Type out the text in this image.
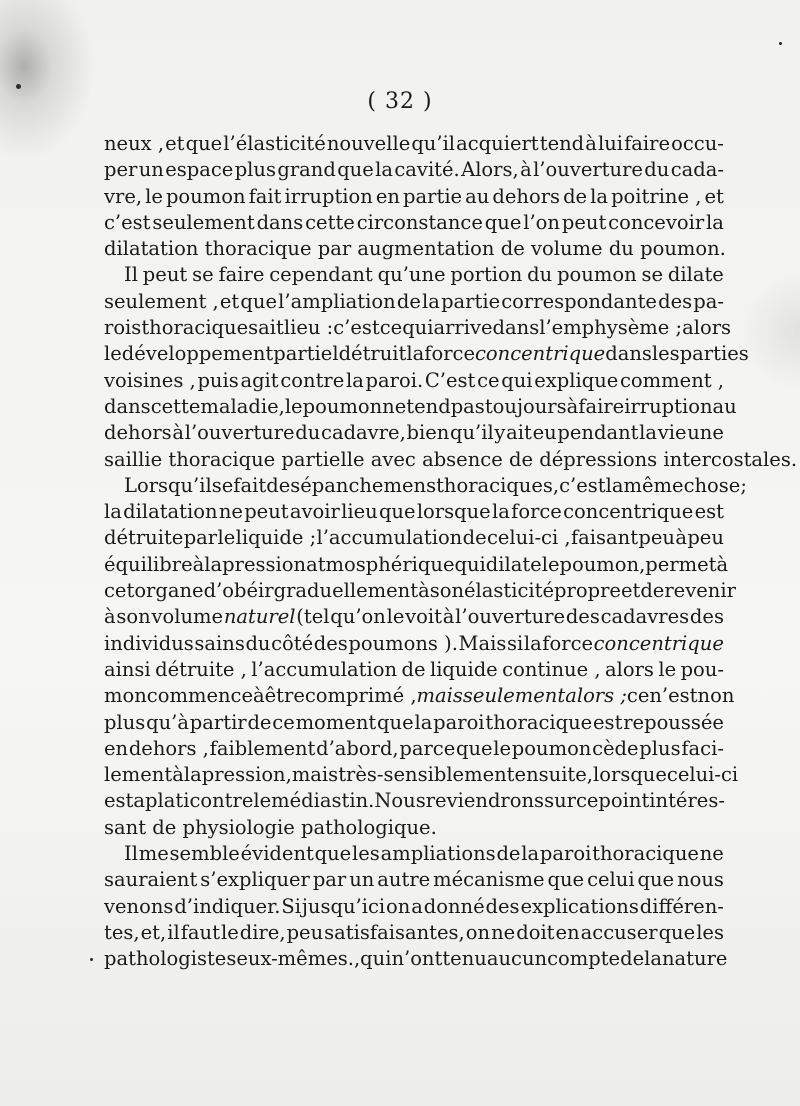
( 32 )
neux , et que l’élasticité nouvelle qu’il acquiert tend à lui faire occu-
per un espace plus grand que la cavité. Alors, à l’ouverture du cada-
vre, le poumon fait irruption en partie au dehors de la poitrine , et
c’est seulement dans cette circonstance que l’on peut concevoir la
dilatation thoracique par augmentation de volume du poumon.
Il peut se faire cependant qu’une portion du poumon se dilate
seulement , et que l’ampliation de la partie correspondante des pa-
rois thoraciques ait lieu : c’est ce qui arrive dans l’emphysème ; alors
le développement partiel détruit la force concentrique dans les parties
voisines , puis agit contre la paroi. C’est ce qui explique comment ,
dans cette maladie, le poumon ne tend pas toujours à faire irruption au
dehors à l’ouverture du cadavre, bien qu’il y ait eu pendant la vie une
saillie thoracique partielle avec absence de dépressions intercostales.
Lorsqu’il se fait des épanchemens thoraciques, c’est la même chose;
la dilatation ne peut avoir lieu que lorsque la force concentrique est
détruite par le liquide ; l’accumulation de celui-ci , faisant peu à peu
équilibre à la pression atmosphérique qui dilate le poumon, permet à
cet organe d’obéir graduellement à son élasticité propre et de revenir
à son volume naturel (tel qu’on le voit à l’ouverture des cadavres des
individus sains du côté des poumons ). Mais si la force concentrique
ainsi détruite , l’accumulation de liquide continue , alors le pou-
mon commence à être comprimé , mais seulement alors ; ce n’est non
plus qu’à partir de ce moment que la paroi thoracique est repoussée
en dehors , faiblement d’abord, parce que le poumon cède plus faci-
lement à la pression, mais très-sensiblement ensuite, lorsque celui-ci
est aplati contre le médiastin. Nous reviendrons sur ce point intéres-
sant de physiologie pathologique.
Il me semble évident que les ampliations de la paroi thoracique ne
sauraient s’expliquer par un autre mécanisme que celui que nous
venons d’indiquer. Si jusqu’ici on a donné des explications différen-
tes, et, il faut le dire, peu satisfaisantes, on ne doit en accuser que les
pathologistes eux-mêmes., qui n’ont tenu aucun compte de la nature
